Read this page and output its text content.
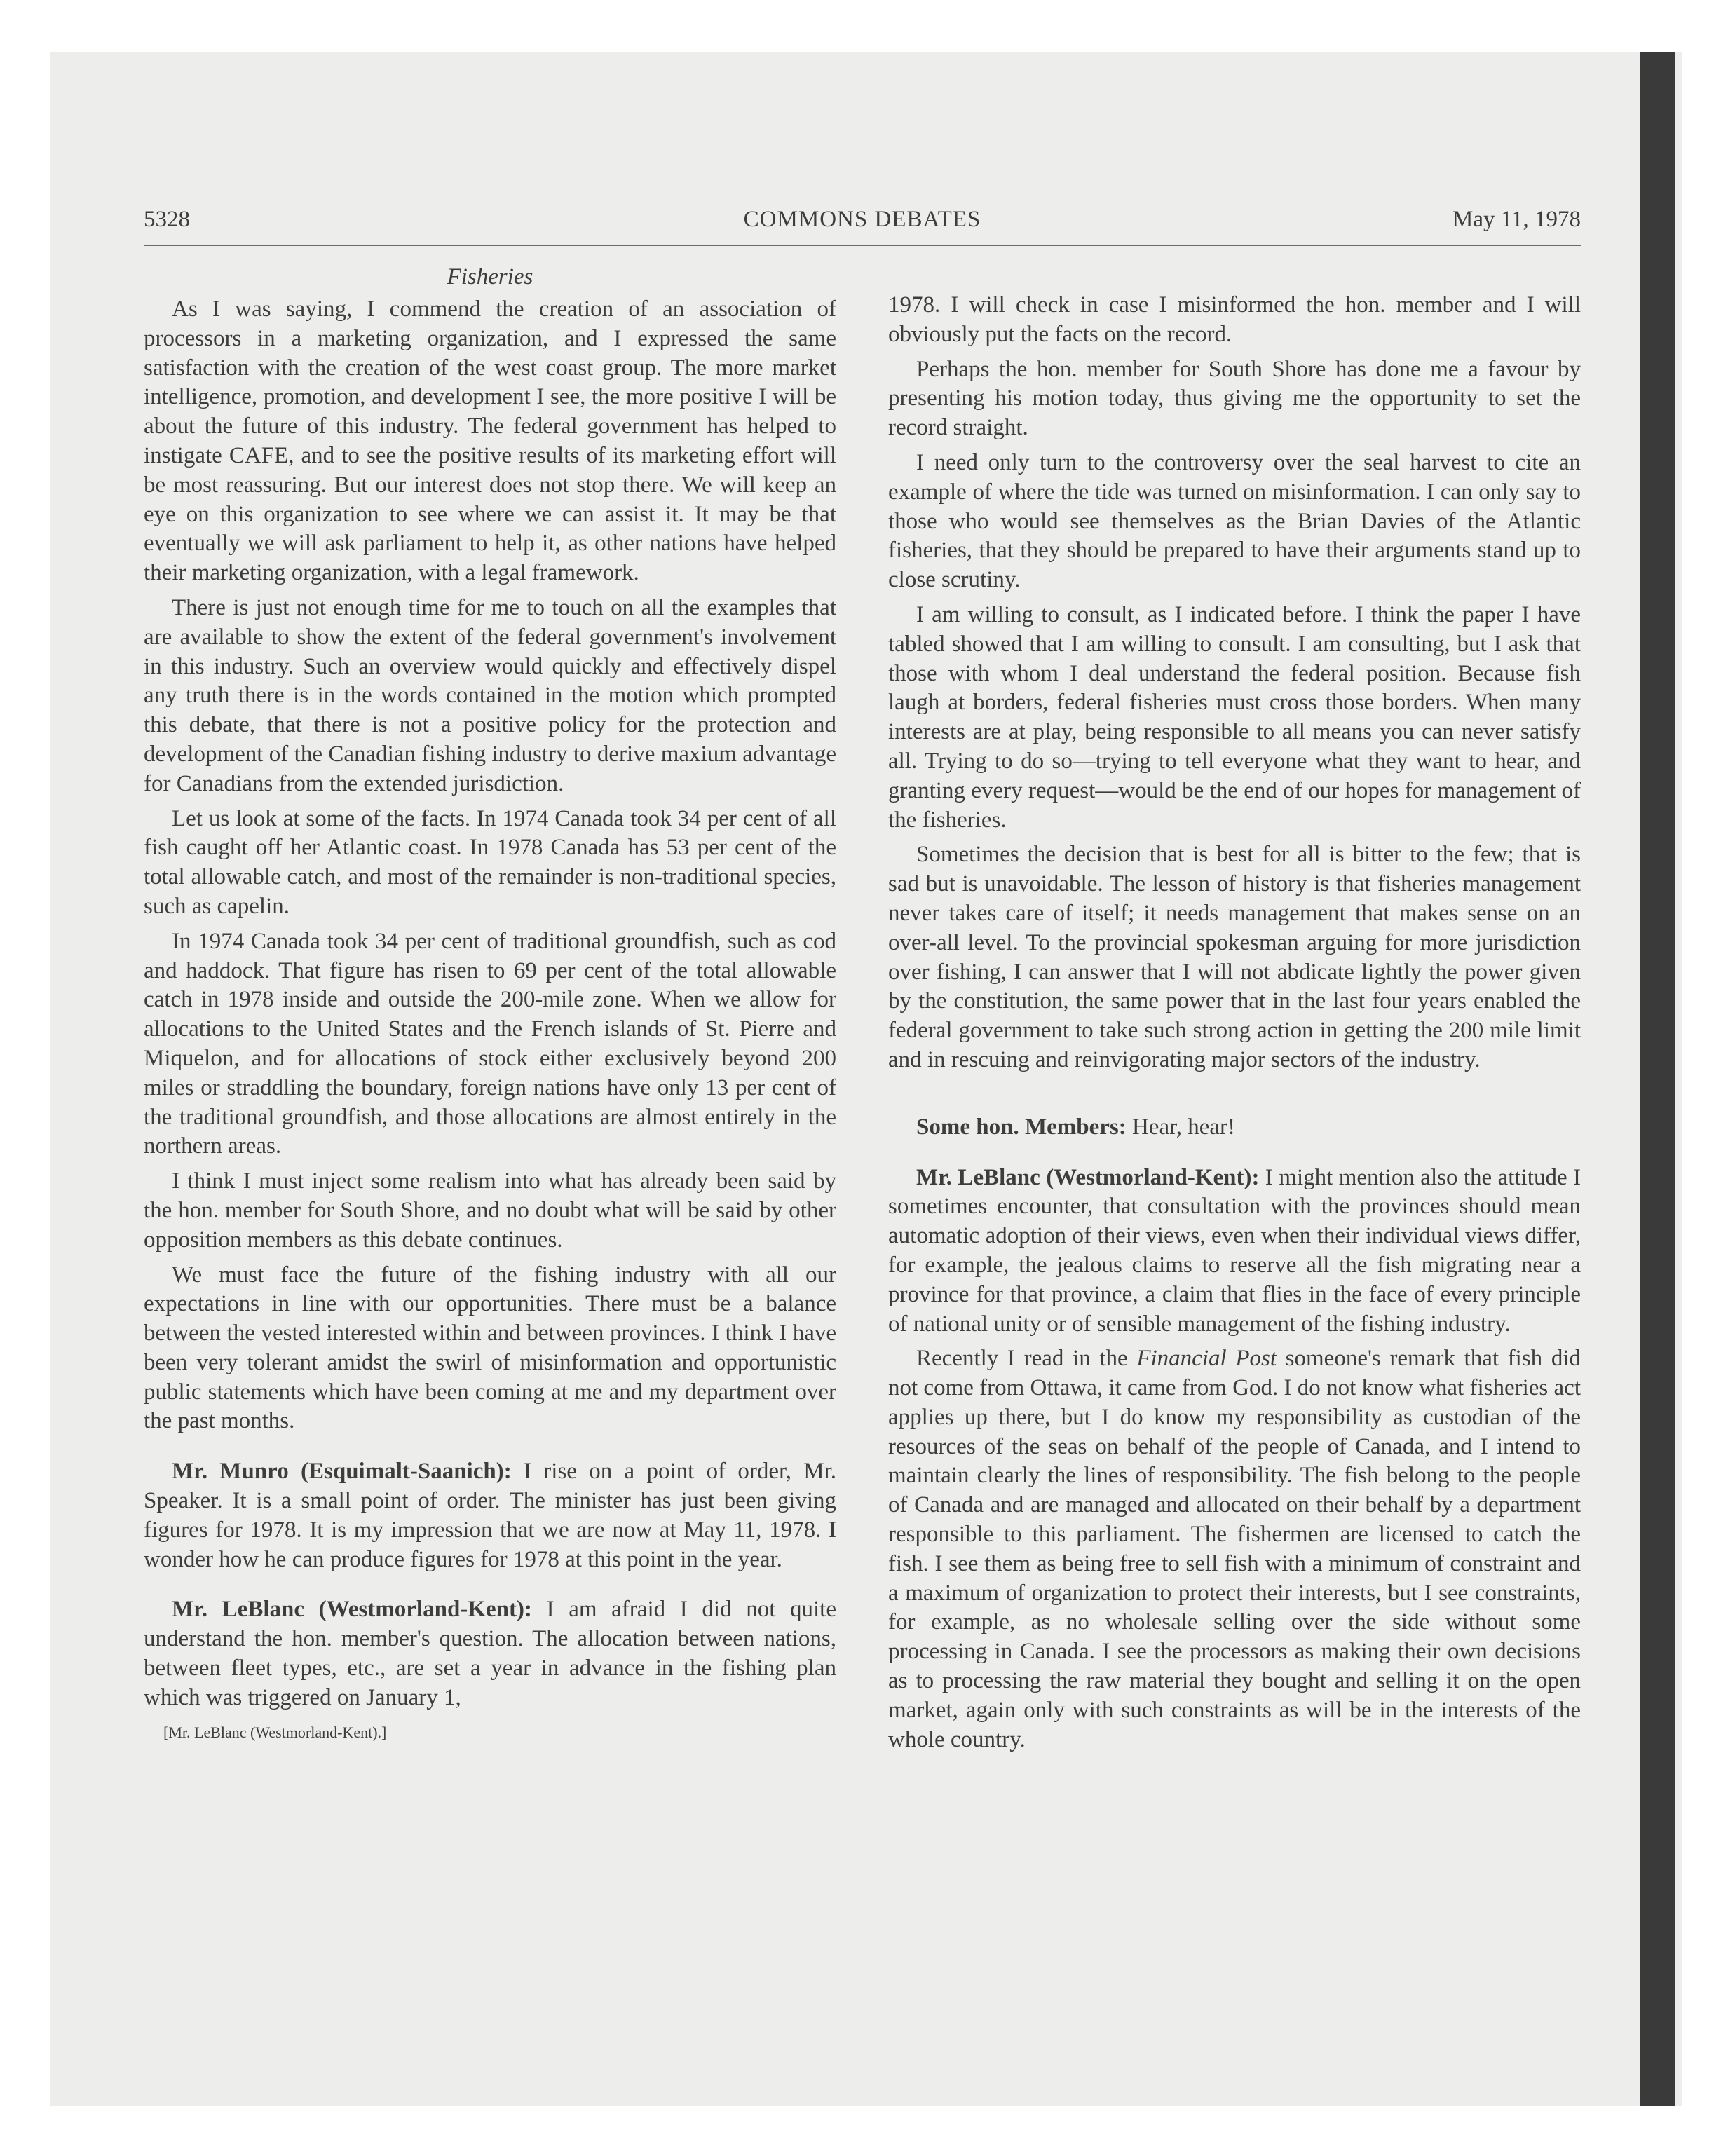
5328	COMMONS DEBATES	May 11, 1978
Fisheries

As I was saying, I commend the creation of an association of processors in a marketing organization, and I expressed the same satisfaction with the creation of the west coast group. The more market intelligence, promotion, and development I see, the more positive I will be about the future of this industry. The federal government has helped to instigate CAFE, and to see the positive results of its marketing effort will be most reassuring. But our interest does not stop there. We will keep an eye on this organization to see where we can assist it. It may be that eventually we will ask parliament to help it, as other nations have helped their marketing organization, with a legal framework.

There is just not enough time for me to touch on all the examples that are available to show the extent of the federal government's involvement in this industry. Such an overview would quickly and effectively dispel any truth there is in the words contained in the motion which prompted this debate, that there is not a positive policy for the protection and development of the Canadian fishing industry to derive maxium advantage for Canadians from the extended jurisdiction.

Let us look at some of the facts. In 1974 Canada took 34 per cent of all fish caught off her Atlantic coast. In 1978 Canada has 53 per cent of the total allowable catch, and most of the remainder is non-traditional species, such as capelin.

In 1974 Canada took 34 per cent of traditional groundfish, such as cod and haddock. That figure has risen to 69 per cent of the total allowable catch in 1978 inside and outside the 200-mile zone. When we allow for allocations to the United States and the French islands of St. Pierre and Miquelon, and for allocations of stock either exclusively beyond 200 miles or straddling the boundary, foreign nations have only 13 per cent of the traditional groundfish, and those allocations are almost entirely in the northern areas.

I think I must inject some realism into what has already been said by the hon. member for South Shore, and no doubt what will be said by other opposition members as this debate continues.

We must face the future of the fishing industry with all our expectations in line with our opportunities. There must be a balance between the vested interested within and between provinces. I think I have been very tolerant amidst the swirl of misinformation and opportunistic public statements which have been coming at me and my department over the past months.

Mr. Munro (Esquimalt-Saanich): I rise on a point of order, Mr. Speaker. It is a small point of order. The minister has just been giving figures for 1978. It is my impression that we are now at May 11, 1978. I wonder how he can produce figures for 1978 at this point in the year.

Mr. LeBlanc (Westmorland-Kent): I am afraid I did not quite understand the hon. member's question. The allocation between nations, between fleet types, etc., are set a year in advance in the fishing plan which was triggered on January 1,

[Mr. LeBlanc (Westmorland-Kent).]

1978. I will check in case I misinformed the hon. member and I will obviously put the facts on the record.

Perhaps the hon. member for South Shore has done me a favour by presenting his motion today, thus giving me the opportunity to set the record straight.

I need only turn to the controversy over the seal harvest to cite an example of where the tide was turned on misinformation. I can only say to those who would see themselves as the Brian Davies of the Atlantic fisheries, that they should be prepared to have their arguments stand up to close scrutiny.

I am willing to consult, as I indicated before. I think the paper I have tabled showed that I am willing to consult. I am consulting, but I ask that those with whom I deal understand the federal position. Because fish laugh at borders, federal fisheries must cross those borders. When many interests are at play, being responsible to all means you can never satisfy all. Trying to do so—trying to tell everyone what they want to hear, and granting every request—would be the end of our hopes for management of the fisheries.

Sometimes the decision that is best for all is bitter to the few; that is sad but is unavoidable. The lesson of history is that fisheries management never takes care of itself; it needs management that makes sense on an over-all level. To the provincial spokesman arguing for more jurisdiction over fishing, I can answer that I will not abdicate lightly the power given by the constitution, the same power that in the last four years enabled the federal government to take such strong action in getting the 200 mile limit and in rescuing and reinvigorating major sectors of the industry.

Some hon. Members: Hear, hear!

Mr. LeBlanc (Westmorland-Kent): I might mention also the attitude I sometimes encounter, that consultation with the provinces should mean automatic adoption of their views, even when their individual views differ, for example, the jealous claims to reserve all the fish migrating near a province for that province, a claim that flies in the face of every principle of national unity or of sensible management of the fishing industry.

Recently I read in the Financial Post someone's remark that fish did not come from Ottawa, it came from God. I do not know what fisheries act applies up there, but I do know my responsibility as custodian of the resources of the seas on behalf of the people of Canada, and I intend to maintain clearly the lines of responsibility. The fish belong to the people of Canada and are managed and allocated on their behalf by a department responsible to this parliament. The fishermen are licensed to catch the fish. I see them as being free to sell fish with a minimum of constraint and a maximum of organization to protect their interests, but I see constraints, for example, as no wholesale selling over the side without some processing in Canada. I see the processors as making their own decisions as to processing the raw material they bought and selling it on the open market, again only with such constraints as will be in the interests of the whole country.
